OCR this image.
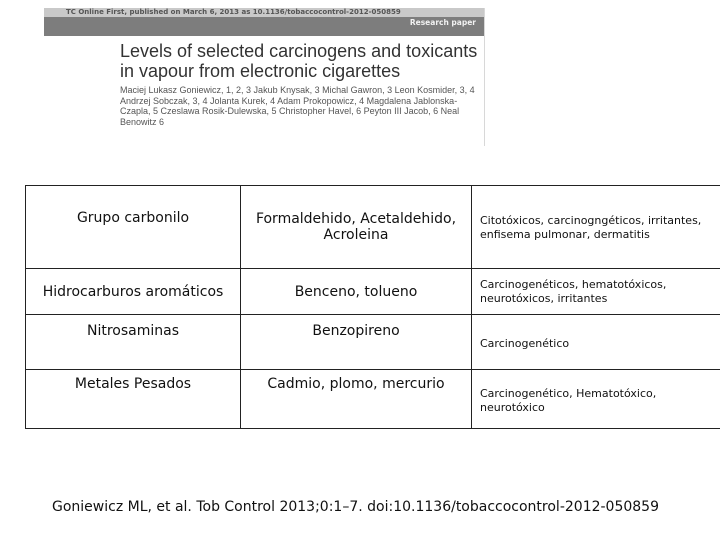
TC Online First, published on March 6, 2013 as 10.1136/tobaccocontrol-2012-050859
Research paper

Levels of selected carcinogens and toxicants in vapour from electronic cigarettes

Maciej Lukasz Goniewicz, 1, 2, 3 Jakub Knysak, 3 Michal Gawron, 3 Leon Kosmider, 3, 4 Andrzej Sobczak, 3, 4 Jolanta Kurek, 4 Adam Prokopowicz, 4 Magdalena Jablonska-Czapla, 5 Czeslawa Rosik-Dulewska, 5 Christopher Havel, 6 Peyton III Jacob, 6 Neal Benowitz 6

Grupo carbonilo	Formaldehido, Acetaldehido, Acroleina	Citotóxicos, carcinogngéticos, irritantes, enfisema pulmonar, dermatitis
Hidrocarburos aromáticos	Benceno, tolueno	Carcinogenéticos, hematotóxicos, neurotóxicos, irritantes
Nitrosaminas	Benzopireno	Carcinogenético
Metales Pesados	Cadmio, plomo, mercurio	Carcinogenético, Hematotóxico, neurotóxico
Goniewicz ML, et al. Tob Control 2013;0:1–7. doi:10.1136/tobaccocontrol-2012-050859
